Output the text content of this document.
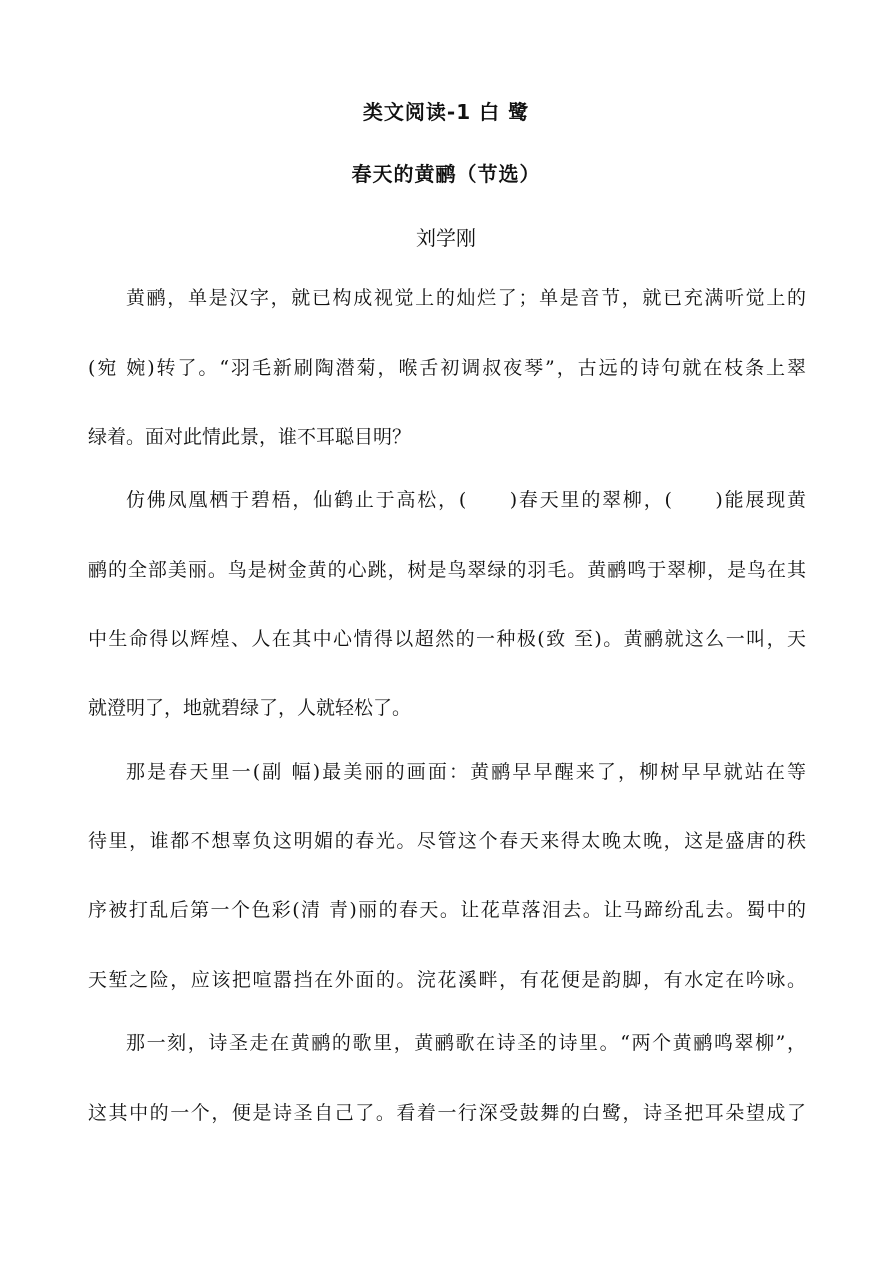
类文阅读-1 白 鹭
春天的黄鹂（节选）
刘学刚
黄鹂，单是汉字，就已构成视觉上的灿烂了；单是音节，就已充满听觉上的
(宛 婉)转了。“羽毛新刷陶潜菊，喉舌初调叔夜琴”，古远的诗句就在枝条上翠
绿着。面对此情此景，谁不耳聪目明？
仿佛凤凰栖于碧梧，仙鹤止于高松，(　　)春天里的翠柳，(　　)能展现黄
鹂的全部美丽。鸟是树金黄的心跳，树是鸟翠绿的羽毛。黄鹂鸣于翠柳，是鸟在其
中生命得以辉煌、人在其中心情得以超然的一种极(致 至)。黄鹂就这么一叫，天
就澄明了，地就碧绿了，人就轻松了。
那是春天里一(副 幅)最美丽的画面：黄鹂早早醒来了，柳树早早就站在等
待里，谁都不想辜负这明媚的春光。尽管这个春天来得太晚太晚，这是盛唐的秩
序被打乱后第一个色彩(清 青)丽的春天。让花草落泪去。让马蹄纷乱去。蜀中的
天堑之险，应该把喧嚣挡在外面的。浣花溪畔，有花便是韵脚，有水定在吟咏。
那一刻，诗圣走在黄鹂的歌里，黄鹂歌在诗圣的诗里。“两个黄鹂鸣翠柳”，
这其中的一个，便是诗圣自己了。看着一行深受鼓舞的白鹭，诗圣把耳朵望成了
